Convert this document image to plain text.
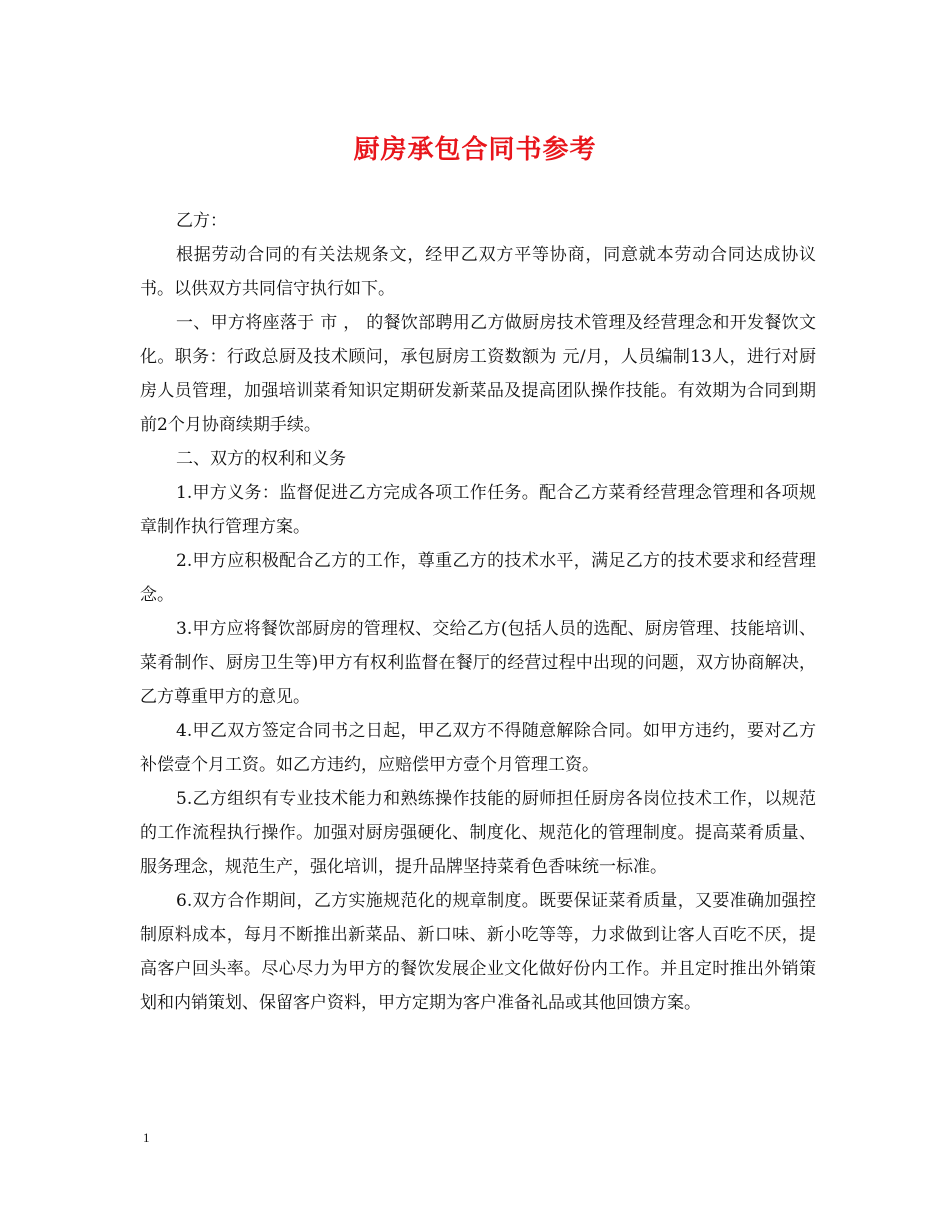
厨房承包合同书参考

乙方：

根据劳动合同的有关法规条文，经甲乙双方平等协商，同意就本劳动合同达成协议书。以供双方共同信守执行如下。

一、甲方将座落于 市 ， 的餐饮部聘用乙方做厨房技术管理及经营理念和开发餐饮文化。职务：行政总厨及技术顾问，承包厨房工资数额为 元/月，人员编制13人，进行对厨房人员管理，加强培训菜肴知识定期研发新菜品及提高团队操作技能。有效期为合同到期前2个月协商续期手续。

二、双方的权利和义务

1.甲方义务：监督促进乙方完成各项工作任务。配合乙方菜肴经营理念管理和各项规章制作执行管理方案。

2.甲方应积极配合乙方的工作，尊重乙方的技术水平，满足乙方的技术要求和经营理念。

3.甲方应将餐饮部厨房的管理权、交给乙方(包括人员的选配、厨房管理、技能培训、菜肴制作、厨房卫生等)甲方有权利监督在餐厅的经营过程中出现的问题，双方协商解决，乙方尊重甲方的意见。

4.甲乙双方签定合同书之日起，甲乙双方不得随意解除合同。如甲方违约，要对乙方补偿壹个月工资。如乙方违约，应赔偿甲方壹个月管理工资。

5.乙方组织有专业技术能力和熟练操作技能的厨师担任厨房各岗位技术工作，以规范的工作流程执行操作。加强对厨房强硬化、制度化、规范化的管理制度。提高菜肴质量、服务理念，规范生产，强化培训，提升品牌坚持菜肴色香味统一标准。

6.双方合作期间，乙方实施规范化的规章制度。既要保证菜肴质量，又要准确加强控制原料成本，每月不断推出新菜品、新口味、新小吃等等，力求做到让客人百吃不厌，提高客户回头率。尽心尽力为甲方的餐饮发展企业文化做好份内工作。并且定时推出外销策划和内销策划、保留客户资料，甲方定期为客户准备礼品或其他回馈方案。

1
